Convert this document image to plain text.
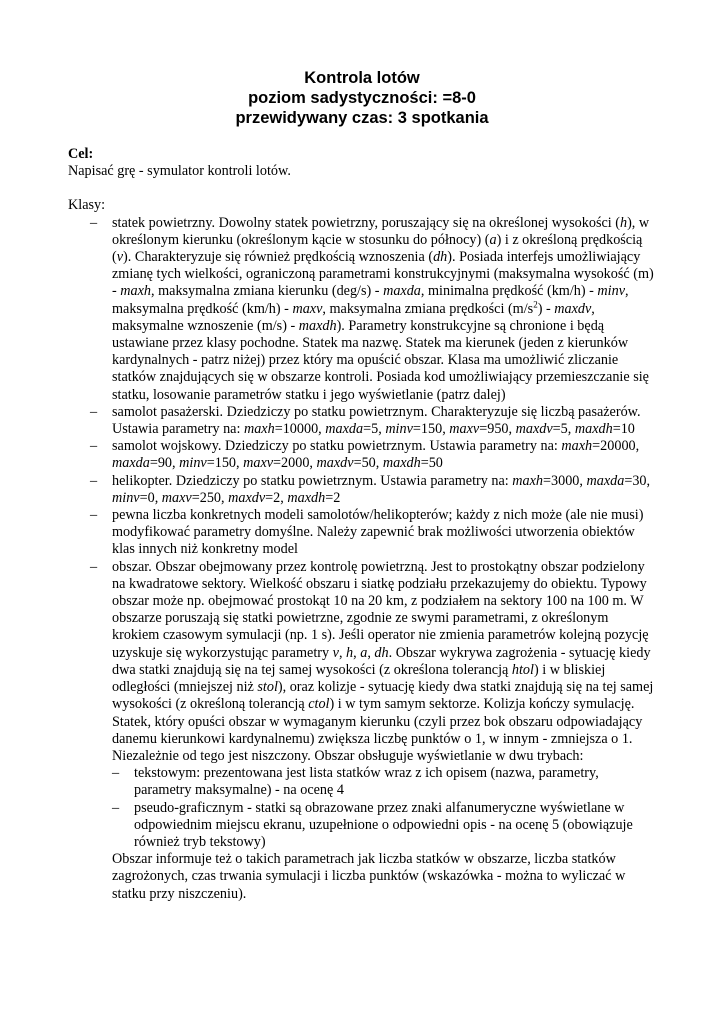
Kontrola lotów
poziom sadystyczności: =8-0
przewidywany czas: 3 spotkania

Cel:

Napisać grę - symulator kontroli lotów.

Klasy:

– statek powietrzny. Dowolny statek powietrzny, poruszający się na określonej wysokości (h), w określonym kierunku (określonym kącie w stosunku do północy) (a) i z określoną prędkością (v). Charakteryzuje się również prędkością wznoszenia (dh). Posiada interfejs umożliwiający zmianę tych wielkości, ograniczoną parametrami konstrukcyjnymi (maksymalna wysokość (m) - maxh, maksymalna zmiana kierunku (deg/s) - maxda, minimalna prędkość (km/h) - minv, maksymalna prędkość (km/h) - maxv, maksymalna zmiana prędkości $(m/s^2)$ - maxdv,  maksymalne wznoszenie (m/s) - maxdh). Parametry konstrukcyjne są chronione i będą ustawiane przez klasy pochodne. Statek ma nazwę. Statek ma kierunek (jeden z kierunków kardynalnych - patrz niżej) przez który ma opuścić obszar. Klasa ma umożliwić zliczanie statków znajdujących się w obszarze kontroli. Posiada kod umożliwiający przemieszczanie się statku, losowanie parametrów statku i jego wyświetlanie (patrz dalej)
– samolot pasażerski. Dziedziczy po statku powietrznym. Charakteryzuje się liczbą pasażerów. Ustawia parametry na: maxh=10000, maxda=5, minv=150, maxv=950, maxdv=5, maxdh=10
– samolot wojskowy. Dziedziczy po statku powietrznym. Ustawia parametry na: maxh=20000, maxda=90, minv=150, maxv=2000, maxdv=50, maxdh=50
– helikopter. Dziedziczy po statku powietrznym. Ustawia parametry na: maxh=3000, maxda=30, minv=0, maxv=250, maxdv=2, maxdh=2
– pewna liczba konkretnych modeli samolotów/helikopterów; każdy z nich może (ale nie musi) modyfikować parametry domyślne. Należy zapewnić brak możliwości utworzenia obiektów klas innych niż konkretny model
– obszar. Obszar obejmowany przez kontrolę powietrzną. Jest to prostokątny obszar podzielony na kwadratowe sektory. Wielkość obszaru i siatkę podziału przekazujemy do obiektu. Typowy obszar może np. obejmować prostokąt 10 na 20 km, z podziałem na sektory 100 na 100 m. W obszarze poruszają się statki powietrzne, zgodnie ze swymi parametrami, z określonym krokiem czasowym symulacji (np. 1 s). Jeśli operator nie zmienia parametrów kolejną pozycję uzyskuje się wykorzystując parametry v, h, a, dh. Obszar wykrywa zagrożenia - sytuację kiedy dwa statki znajdują się na tej samej wysokości (z określona tolerancją htol) i w bliskiej odległości (mniejszej niż stol), oraz kolizje - sytuację kiedy dwa statki znajdują się na tej samej wysokości (z określoną tolerancją ctol) i w tym samym sektorze. Kolizja kończy symulację. Statek, który opuści obszar w wymaganym kierunku (czyli przez bok obszaru odpowiadający danemu kierunkowi kardynalnemu) zwiększa liczbę punktów o 1, w innym - zmniejsza o 1. Niezależnie od tego jest niszczony. Obszar obsługuje wyświetlanie w dwu trybach:
– tekstowym: prezentowana jest lista statków wraz z ich opisem (nazwa, parametry, parametry maksymalne) - na ocenę 4
– pseudo-graficznym - statki są obrazowane przez znaki alfanumeryczne wyświetlane w odpowiednim miejscu ekranu, uzupełnione o odpowiedni opis - na ocenę 5 (obowiązuje również tryb tekstowy)
Obszar informuje też o takich parametrach jak liczba statków w obszarze, liczba statków zagrożonych, czas trwania symulacji i liczba punktów (wskazówka - można to wyliczać w statku przy niszczeniu).
